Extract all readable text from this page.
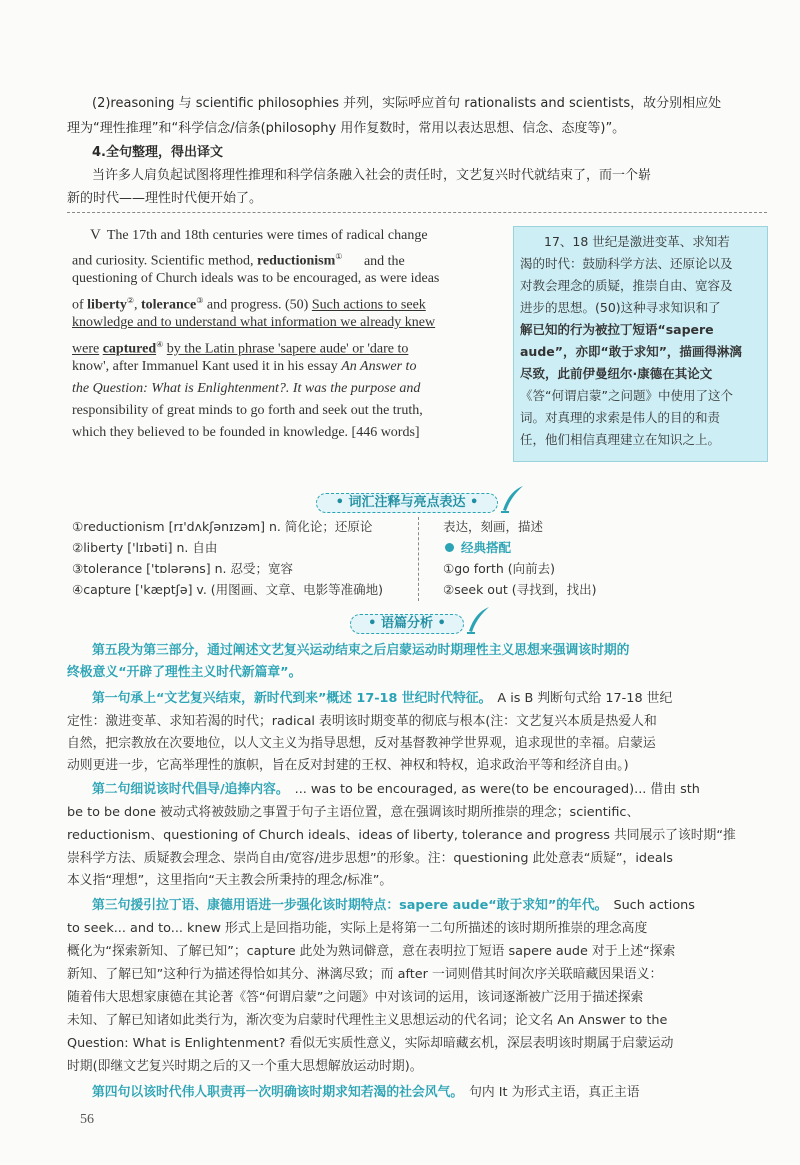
(2)reasoning 与 scientific philosophies 并列，实际呼应首句 rationalists and scientists，故分别相应处
理为“理性推理”和“科学信念/信条(philosophy 用作复数时，常用以表达思想、信念、态度等)”。
4.全句整理，得出译文
当许多人肩负起试图将理性推理和科学信条融入社会的责任时，文艺复兴时代就结束了，而一个崭
新的时代——理性时代便开始了。
V The 17th and 18th centuries were times of radical change
and curiosity. Scientific method, reductionism① and the
questioning of Church ideals was to be encouraged, as were ideas
of liberty②, tolerance③ and progress. (50) Such actions to seek
knowledge and to understand what information we already knew
were captured④ by the Latin phrase 'sapere aude' or 'dare to
know', after Immanuel Kant used it in his essay An Answer to
the Question: What is Enlightenment?. It was the purpose and
responsibility of great minds to go forth and seek out the truth,
which they believed to be founded in knowledge. [446 words]
17、18 世纪是激进变革、求知若
渴的时代：鼓励科学方法、还原论以及
对教会理念的质疑，推崇自由、宽容及
进步的思想。(50)这种寻求知识和了
解已知的行为被拉丁短语“sapere
aude”，亦即“敢于求知”，描画得淋漓
尽致，此前伊曼纽尔·康德在其论文
《答“何谓启蒙”之问题》中使用了这个
词。对真理的求索是伟人的目的和责
任，他们相信真理建立在知识之上。
• 词汇注释与亮点表达 •
①reductionism [rɪ'dʌkʃənɪzəm] n. 简化论；还原论
②liberty ['lɪbəti] n. 自由
③tolerance ['tɒlərəns] n. 忍受；宽容
④capture ['kæptʃə] v. (用图画、文章、电影等准确地)
表达，刻画，描述
经典搭配
①go forth (向前去)
②seek out (寻找到，找出)
• 语篇分析 •
第五段为第三部分，通过阐述文艺复兴运动结束之后启蒙运动时期理性主义思想来强调该时期的
终极意义“开辟了理性主义时代新篇章”。
第一句承上“文艺复兴结束，新时代到来”概述 17-18 世纪时代特征。 A is B 判断句式给 17-18 世纪
定性：激进变革、求知若渴的时代；radical 表明该时期变革的彻底与根本(注：文艺复兴本质是热爱人和
自然，把宗教放在次要地位，以人文主义为指导思想，反对基督教神学世界观，追求现世的幸福。启蒙运
动则更进一步，它高举理性的旗帜，旨在反对封建的王权、神权和特权，追求政治平等和经济自由。)
第二句细说该时代倡导/追捧内容。 ... was to be encouraged, as were(to be encouraged)... 借由 sth
be to be done 被动式将被鼓励之事置于句子主语位置，意在强调该时期所推崇的理念；scientific、
reductionism、questioning of Church ideals、ideas of liberty, tolerance and progress 共同展示了该时期“推
崇科学方法、质疑教会理念、崇尚自由/宽容/进步思想”的形象。注：questioning 此处意表“质疑”，ideals
本义指“理想”，这里指向“天主教会所秉持的理念/标准”。
第三句援引拉丁语、康德用语进一步强化该时期特点：sapere aude“敢于求知”的年代。 Such actions
to seek... and to... knew 形式上是回指功能，实际上是将第一二句所描述的该时期所推崇的理念高度
概化为“探索新知、了解已知”；capture 此处为熟词僻意，意在表明拉丁短语 sapere aude 对于上述“探索
新知、了解已知”这种行为描述得恰如其分、淋漓尽致；而 after 一词则借其时间次序关联暗藏因果语义：
随着伟大思想家康德在其论著《答“何谓启蒙”之问题》中对该词的运用，该词逐渐被广泛用于描述探索
未知、了解已知诸如此类行为，渐次变为启蒙时代理性主义思想运动的代名词；论文名 An Answer to the
Question: What is Enlightenment? 看似无实质性意义，实际却暗藏玄机，深层表明该时期属于启蒙运动
时期(即继文艺复兴时期之后的又一个重大思想解放运动时期)。
第四句以该时代伟人职责再一次明确该时期求知若渴的社会风气。 句内 It 为形式主语，真正主语
56
